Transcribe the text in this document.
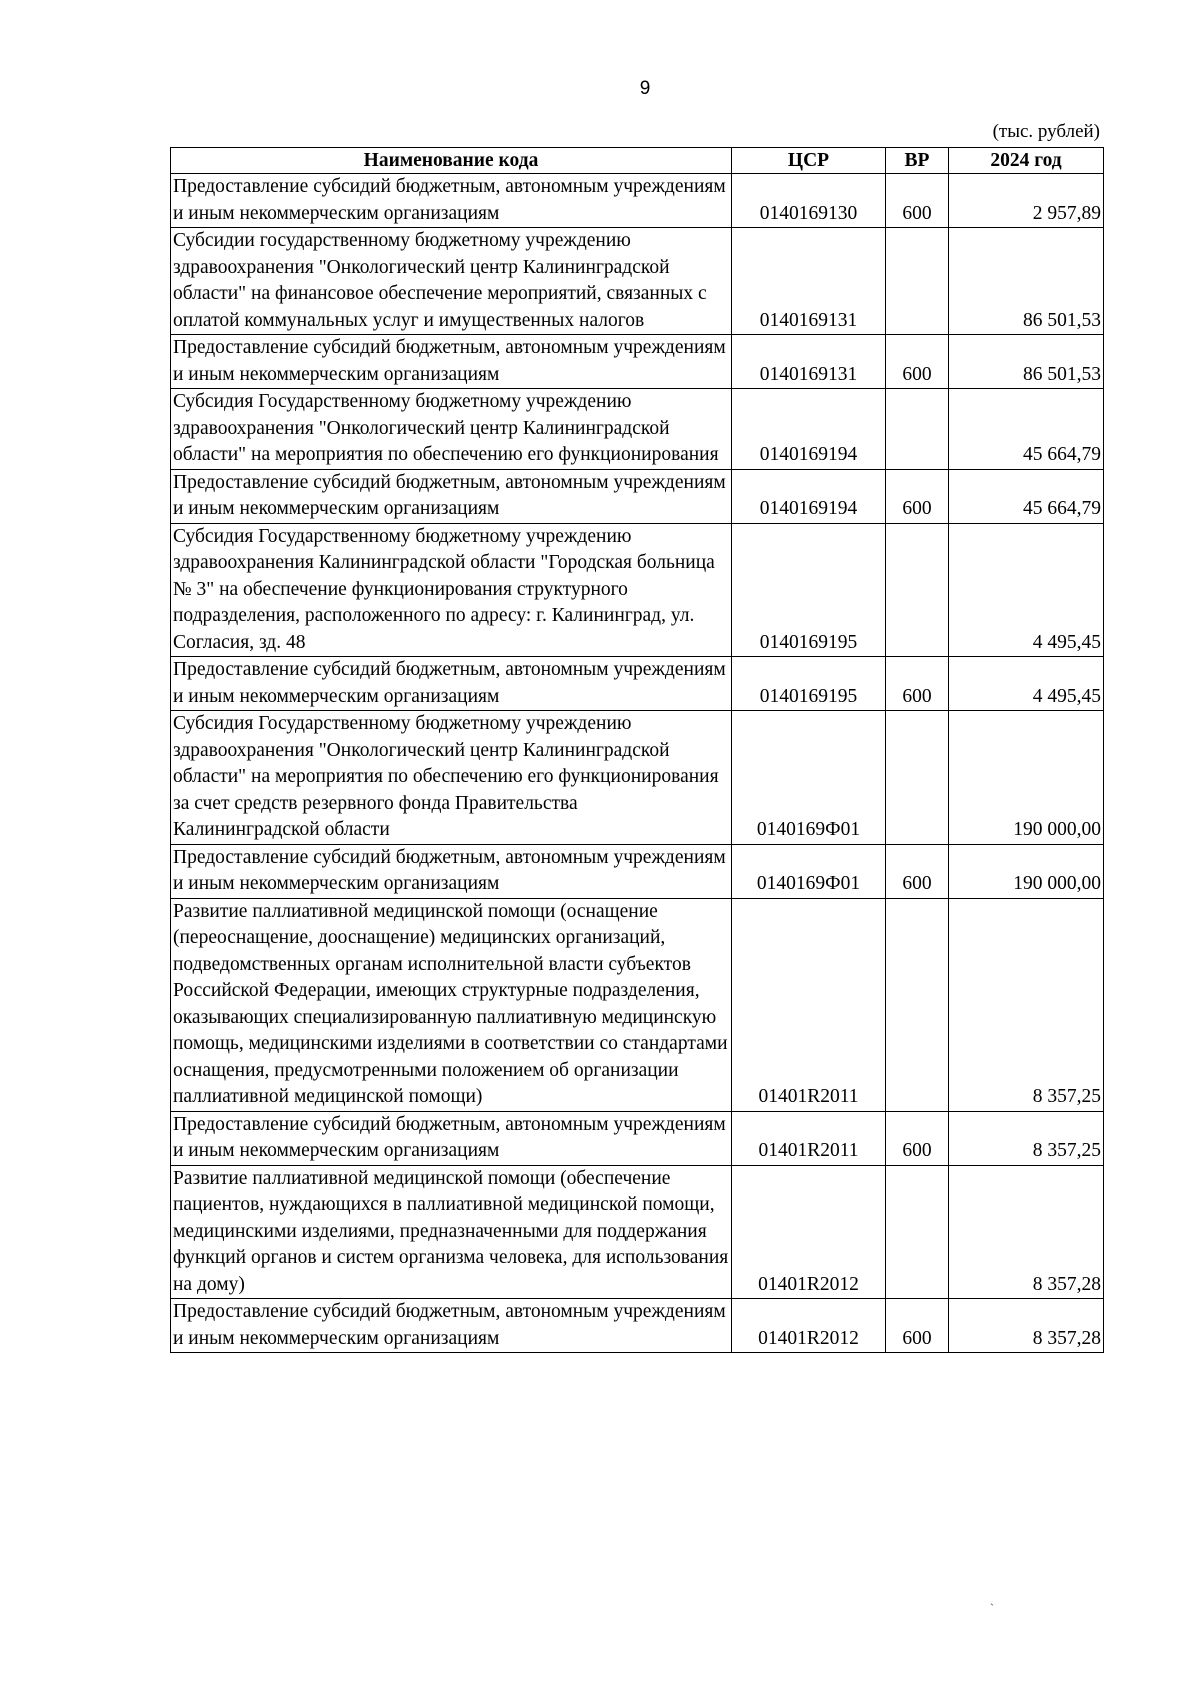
9
(тыс. рублей)
Наименование кода	ЦСР	ВР	2024 год
Предоставление субсидий бюджетным, автономным учреждениям и иным некоммерческим организациям	0140169130	600	2 957,89
Субсидии государственному бюджетному учреждению здравоохранения "Онкологический центр Калининградской области" на финансовое обеспечение мероприятий, связанных с оплатой коммунальных услуг и имущественных налогов	0140169131		86 501,53
Предоставление субсидий бюджетным, автономным учреждениям и иным некоммерческим организациям	0140169131	600	86 501,53
Субсидия Государственному бюджетному учреждению здравоохранения "Онкологический центр Калининградской области" на мероприятия по обеспечению его функционирования	0140169194		45 664,79
Предоставление субсидий бюджетным, автономным учреждениям и иным некоммерческим организациям	0140169194	600	45 664,79
Субсидия Государственному бюджетному учреждению здравоохранения Калининградской области "Городская больница № 3" на обеспечение функционирования структурного подразделения, расположенного по адресу: г. Калининград, ул. Согласия, зд. 48	0140169195		4 495,45
Предоставление субсидий бюджетным, автономным учреждениям и иным некоммерческим организациям	0140169195	600	4 495,45
Субсидия Государственному бюджетному учреждению здравоохранения "Онкологический центр Калининградской области" на мероприятия по обеспечению его функционирования за счет средств резервного фонда Правительства Калининградской области	0140169Ф01		190 000,00
Предоставление субсидий бюджетным, автономным учреждениям и иным некоммерческим организациям	0140169Ф01	600	190 000,00
Развитие паллиативной медицинской помощи (оснащение (переоснащение, дооснащение) медицинских организаций, подведомственных органам исполнительной власти субъектов Российской Федерации, имеющих структурные подразделения, оказывающих специализированную паллиативную медицинскую помощь, медицинскими изделиями в соответствии со стандартами оснащения, предусмотренными положением об организации паллиативной медицинской помощи)	01401R2011		8 357,25
Предоставление субсидий бюджетным, автономным учреждениям и иным некоммерческим организациям	01401R2011	600	8 357,25
Развитие паллиативной медицинской помощи (обеспечение пациентов, нуждающихся в паллиативной медицинской помощи, медицинскими изделиями, предназначенными для поддержания функций органов и систем организма человека, для использования на дому)	01401R2012		8 357,28
Предоставление субсидий бюджетным, автономным учреждениям и иным некоммерческим организациям	01401R2012	600	8 357,28
ˏ
